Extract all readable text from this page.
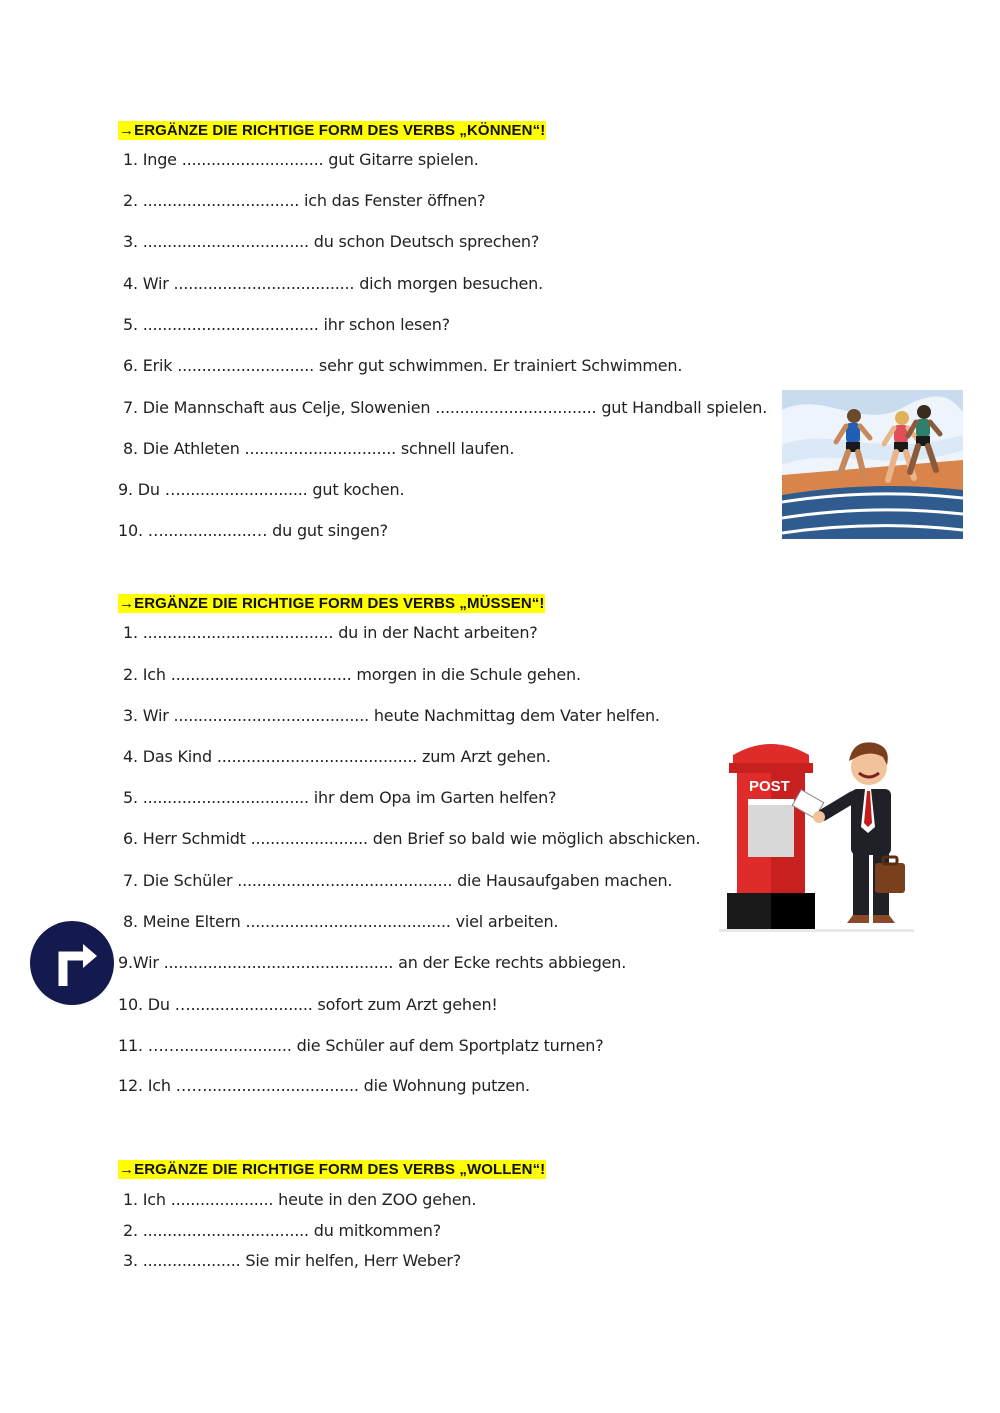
→ERGÄNZE DIE RICHTIGE FORM DES VERBS „KÖNNEN“!
1. Inge ............................. gut Gitarre spielen.
2. ................................ ich das Fenster öffnen?
3. .................................. du schon Deutsch sprechen?
4. Wir ..................................... dich morgen besuchen.
5. .................................... ihr schon lesen?
6. Erik ............................ sehr gut schwimmen. Er trainiert Schwimmen.
7. Die Mannschaft aus Celje, Slowenien ................................. gut Handball spielen.
8. Die Athleten ............................... schnell laufen.
9. Du ….......................... gut kochen.
10. …..................… du gut singen?
→ERGÄNZE DIE RICHTIGE FORM DES VERBS „MÜSSEN“!
1. ....................................... du in der Nacht arbeiten?
2. Ich ..................................... morgen in die Schule gehen.
3. Wir ........................................ heute Nachmittag dem Vater helfen.
4. Das Kind ......................................... zum Arzt gehen.
5. .................................. ihr dem Opa im Garten helfen?
6. Herr Schmidt ........................ den Brief so bald wie möglich abschicken.
7. Die Schüler ............................................ die Hausaufgaben machen.
8. Meine Eltern .......................................... viel arbeiten.
9.Wir ............................................... an der Ecke rechts abbiegen.
10. Du …......................... sofort zum Arzt gehen!
11. ……....................... die Schüler auf dem Sportplatz turnen?
12. Ich ……............................... die Wohnung putzen.
→ERGÄNZE DIE RICHTIGE FORM DES VERBS „WOLLEN“!
1. Ich ..................... heute in den ZOO gehen.
2. .................................. du mitkommen?
3. .................... Sie mir helfen, Herr Weber?
POST
